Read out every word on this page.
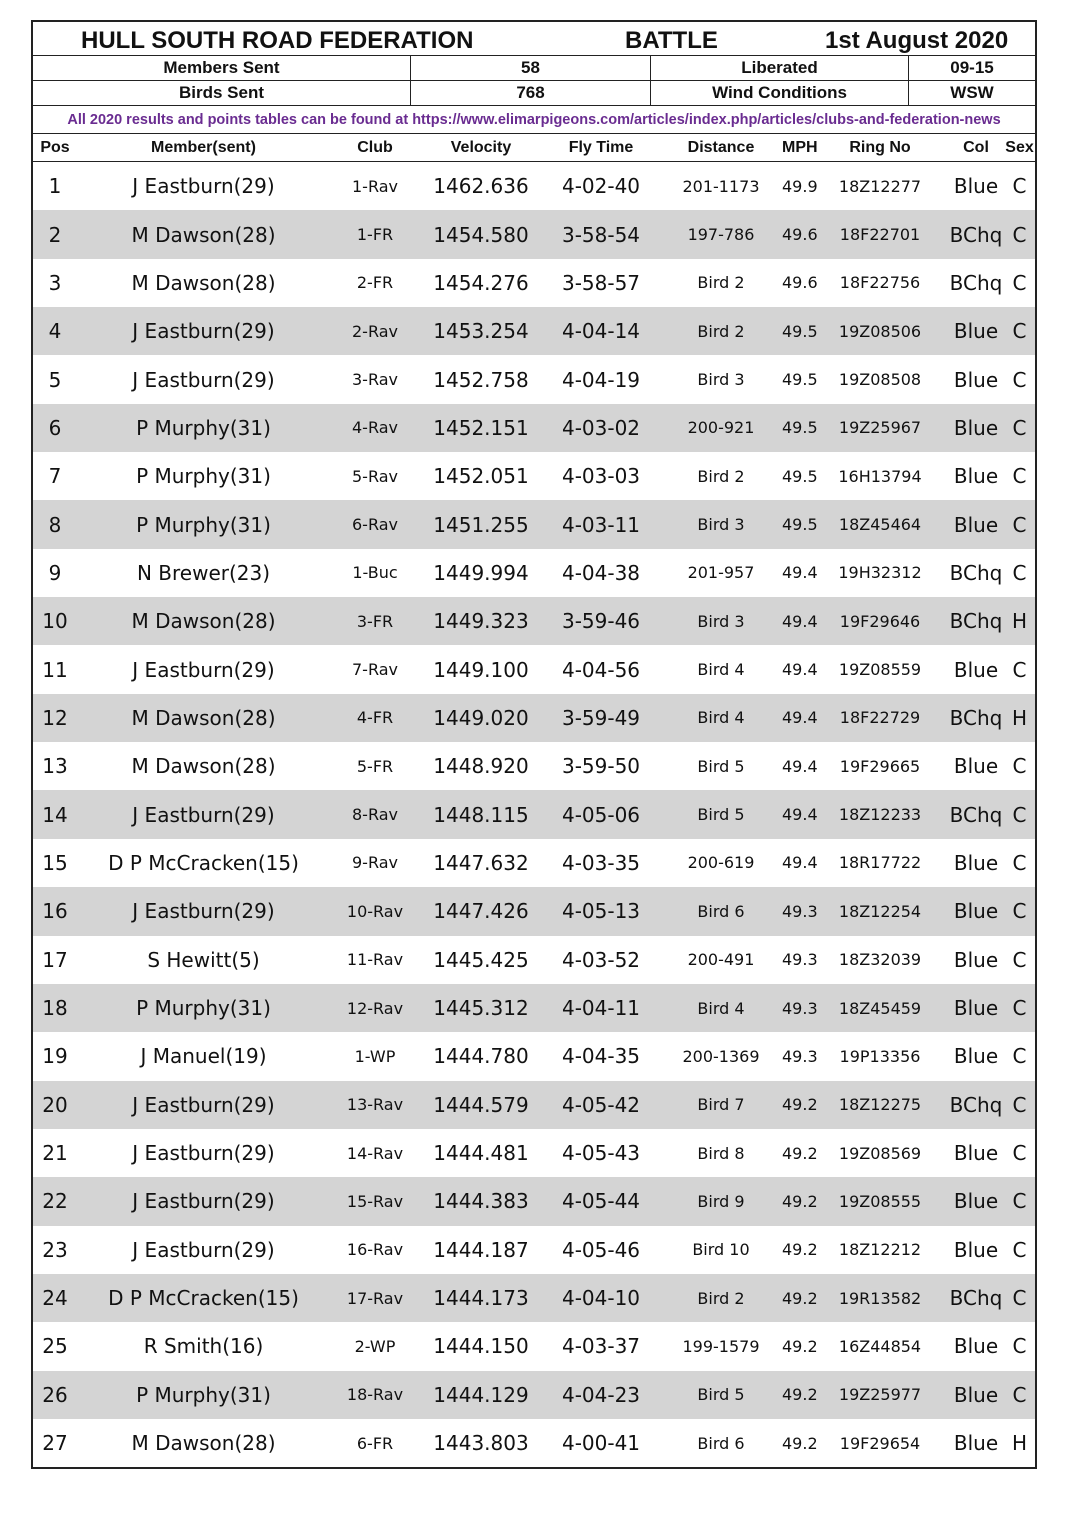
HULL SOUTH ROAD FEDERATION	BATTLE	1st August 2020
Members Sent	58	Liberated	09-15
Birds Sent	768	Wind Conditions	WSW
All 2020 results and points tables can be found at https://www.elimarpigeons.com/articles/index.php/articles/clubs-and-federation-news
Pos	Member(sent)	Club	Velocity	Fly Time	Distance	MPH	Ring No	Col	Sex
1	J Eastburn(29)	1-Rav	1462.636	4-02-40	201-1173	49.9	18Z12277	Blue C
2	M Dawson(28)	1-FR	1454.580	3-58-54	197-786	49.6	18F22701	BChq C
3	M Dawson(28)	2-FR	1454.276	3-58-57	Bird 2	49.6	18F22756	BChq C
4	J Eastburn(29)	2-Rav	1453.254	4-04-14	Bird 2	49.5	19Z08506	Blue C
5	J Eastburn(29)	3-Rav	1452.758	4-04-19	Bird 3	49.5	19Z08508	Blue C
6	P Murphy(31)	4-Rav	1452.151	4-03-02	200-921	49.5	19Z25967	Blue C
7	P Murphy(31)	5-Rav	1452.051	4-03-03	Bird 2	49.5	16H13794	Blue C
8	P Murphy(31)	6-Rav	1451.255	4-03-11	Bird 3	49.5	18Z45464	Blue C
9	N Brewer(23)	1-Buc	1449.994	4-04-38	201-957	49.4	19H32312	BChq C
10	M Dawson(28)	3-FR	1449.323	3-59-46	Bird 3	49.4	19F29646	BChq H
11	J Eastburn(29)	7-Rav	1449.100	4-04-56	Bird 4	49.4	19Z08559	Blue C
12	M Dawson(28)	4-FR	1449.020	3-59-49	Bird 4	49.4	18F22729	BChq H
13	M Dawson(28)	5-FR	1448.920	3-59-50	Bird 5	49.4	19F29665	Blue C
14	J Eastburn(29)	8-Rav	1448.115	4-05-06	Bird 5	49.4	18Z12233	BChq C
15	D P McCracken(15)	9-Rav	1447.632	4-03-35	200-619	49.4	18R17722	Blue C
16	J Eastburn(29)	10-Rav	1447.426	4-05-13	Bird 6	49.3	18Z12254	Blue C
17	S Hewitt(5)	11-Rav	1445.425	4-03-52	200-491	49.3	18Z32039	Blue C
18	P Murphy(31)	12-Rav	1445.312	4-04-11	Bird 4	49.3	18Z45459	Blue C
19	J Manuel(19)	1-WP	1444.780	4-04-35	200-1369	49.3	19P13356	Blue C
20	J Eastburn(29)	13-Rav	1444.579	4-05-42	Bird 7	49.2	18Z12275	BChq C
21	J Eastburn(29)	14-Rav	1444.481	4-05-43	Bird 8	49.2	19Z08569	Blue C
22	J Eastburn(29)	15-Rav	1444.383	4-05-44	Bird 9	49.2	19Z08555	Blue C
23	J Eastburn(29)	16-Rav	1444.187	4-05-46	Bird 10	49.2	18Z12212	Blue C
24	D P McCracken(15)	17-Rav	1444.173	4-04-10	Bird 2	49.2	19R13582	BChq C
25	R Smith(16)	2-WP	1444.150	4-03-37	199-1579	49.2	16Z44854	Blue C
26	P Murphy(31)	18-Rav	1444.129	4-04-23	Bird 5	49.2	19Z25977	Blue C
27	M Dawson(28)	6-FR	1443.803	4-00-41	Bird 6	49.2	19F29654	Blue H
